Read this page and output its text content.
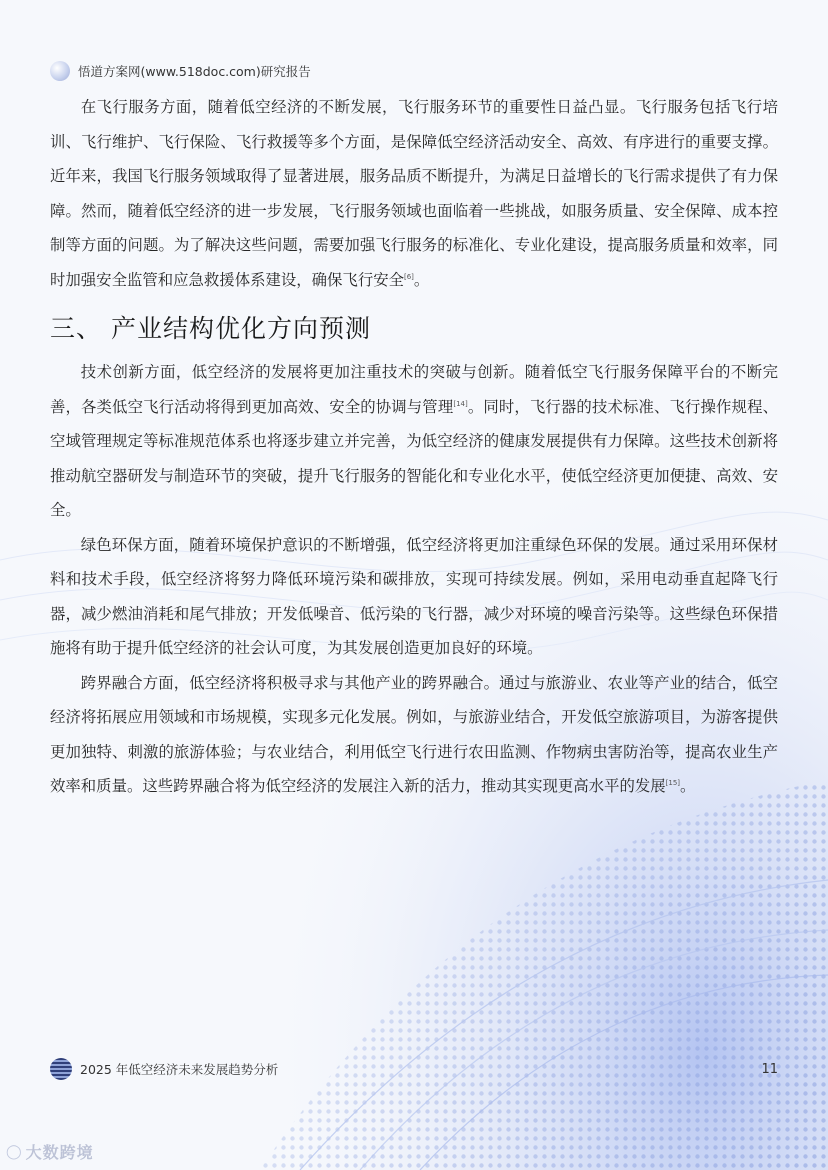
悟道方案网(www.518doc.com)研究报告

在飞行服务方面，随着低空经济的不断发展，飞行服务环节的重要性日益凸显。飞行服务包括飞行培训、飞行维护、飞行保险、飞行救援等多个方面，是保障低空经济活动安全、高效、有序进行的重要支撑。近年来，我国飞行服务领域取得了显著进展，服务品质不断提升，为满足日益增长的飞行需求提供了有力保障。然而，随着低空经济的进一步发展，飞行服务领域也面临着一些挑战，如服务质量、安全保障、成本控制等方面的问题。为了解决这些问题，需要加强飞行服务的标准化、专业化建设，提高服务质量和效率，同时加强安全监管和应急救援体系建设，确保飞行安全[6]。

三、 产业结构优化方向预测

技术创新方面，低空经济的发展将更加注重技术的突破与创新。随着低空飞行服务保障平台的不断完善，各类低空飞行活动将得到更加高效、安全的协调与管理[14]。同时，飞行器的技术标准、飞行操作规程、空域管理规定等标准规范体系也将逐步建立并完善，为低空经济的健康发展提供有力保障。这些技术创新将推动航空器研发与制造环节的突破，提升飞行服务的智能化和专业化水平，使低空经济更加便捷、高效、安全。

绿色环保方面，随着环境保护意识的不断增强，低空经济将更加注重绿色环保的发展。通过采用环保材料和技术手段，低空经济将努力降低环境污染和碳排放，实现可持续发展。例如，采用电动垂直起降飞行器，减少燃油消耗和尾气排放；开发低噪音、低污染的飞行器，减少对环境的噪音污染等。这些绿色环保措施将有助于提升低空经济的社会认可度，为其发展创造更加良好的环境。

跨界融合方面，低空经济将积极寻求与其他产业的跨界融合。通过与旅游业、农业等产业的结合，低空经济将拓展应用领域和市场规模，实现多元化发展。例如，与旅游业结合，开发低空旅游项目，为游客提供更加独特、刺激的旅游体验；与农业结合，利用低空飞行进行农田监测、作物病虫害防治等，提高农业生产效率和质量。这些跨界融合将为低空经济的发展注入新的活力，推动其实现更高水平的发展[15]。

2025 年低空经济未来发展趋势分析	11
◯ 大数跨境
